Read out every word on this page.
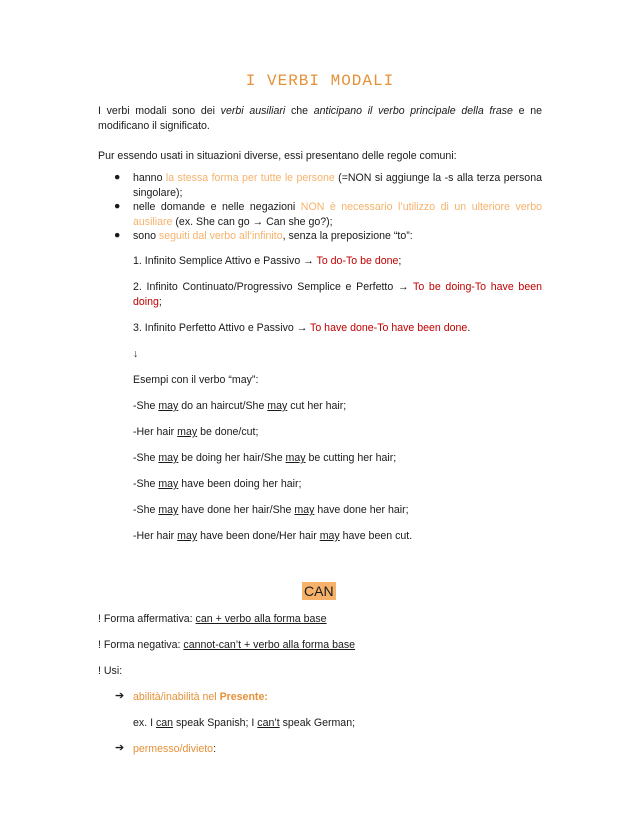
I VERBI MODALI
I verbi modali sono dei verbi ausiliari che anticipano il verbo principale della frase e ne modificano il significato.
Pur essendo usati in situazioni diverse, essi presentano delle regole comuni:
●	hanno la stessa forma per tutte le persone (=NON si aggiunge la -s alla terza persona singolare);
●	nelle domande e nelle negazioni NON è necessario l’utilizzo di un ulteriore verbo ausiliare (ex. She can go → Can she go?);
●	sono seguiti dal verbo all’infinito, senza la preposizione “to”:
1. Infinito Semplice Attivo e Passivo → To do-To be done;
2. Infinito Continuato/Progressivo Semplice e Perfetto → To be doing-To have been doing;
3. Infinito Perfetto Attivo e Passivo → To have done-To have been done.
↓
Esempi con il verbo “may”:
-She may do an haircut/She may cut her hair;
-Her hair may be done/cut;
-She may be doing her hair/She may be cutting her hair;
-She may have been doing her hair;
-She may have done her hair/She may have done her hair;
-Her hair may have been done/Her hair may have been cut.
CAN
! Forma affermativa: can + verbo alla forma base
! Forma negativa: cannot-can’t + verbo alla forma base
! Usi:
➔ abilità/inabilità nel Presente:
ex. I can speak Spanish; I can’t speak German;
➔ permesso/divieto:
